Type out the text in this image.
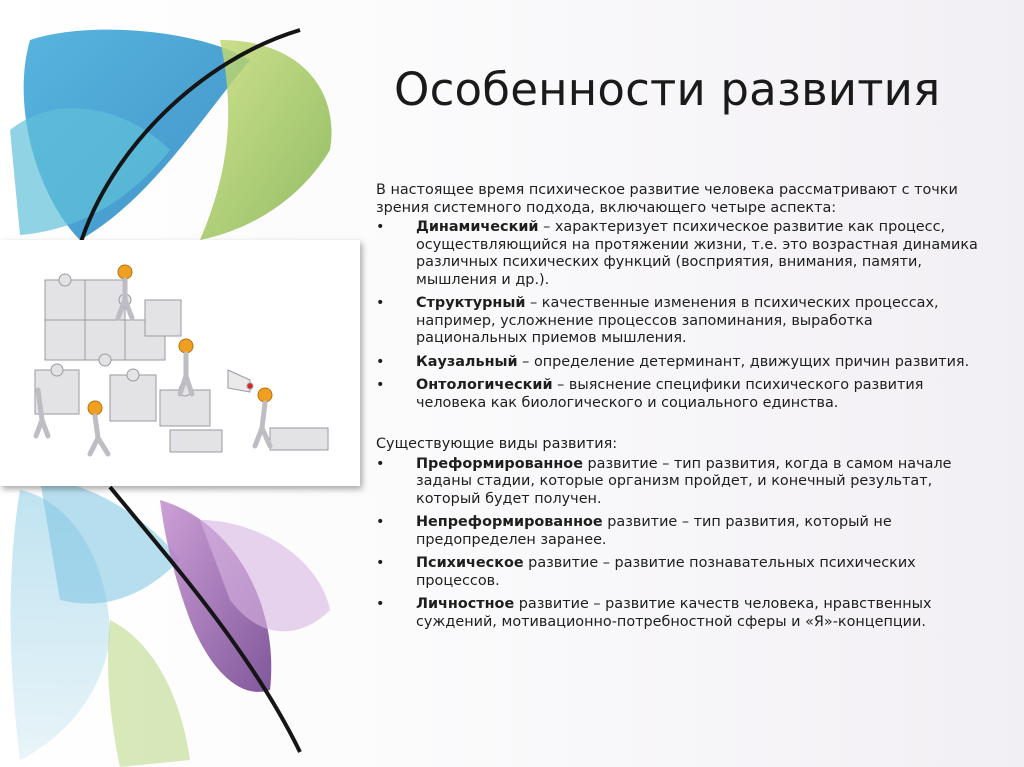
Особенности развития

В настоящее время психическое развитие человека рассматривают с точки зрения системного подхода, включающего четыре аспекта:

• Динамический – характеризует психическое развитие как процесс, осуществляющийся на протяжении жизни, т.е. это возрастная динамика различных психических функций (восприятия, внимания, памяти, мышления и др.).
• Структурный – качественные изменения в психических процессах, например, усложнение процессов запоминания, выработка рациональных приемов мышления.
• Каузальный – определение детерминант, движущих причин развития.
• Онтологический – выяснение специфики психического развития человека как биологического и социального единства.

Существующие виды развития:

• Преформированное развитие – тип развития, когда в самом начале заданы стадии, которые организм пройдет, и конечный результат, который будет получен.
• Непреформированное развитие – тип развития, который не предопределен заранее.
• Психическое развитие – развитие познавательных психических процессов.
• Личностное развитие – развитие качеств человека, нравственных суждений, мотивационно-потребностной сферы и «Я»-концепции.
